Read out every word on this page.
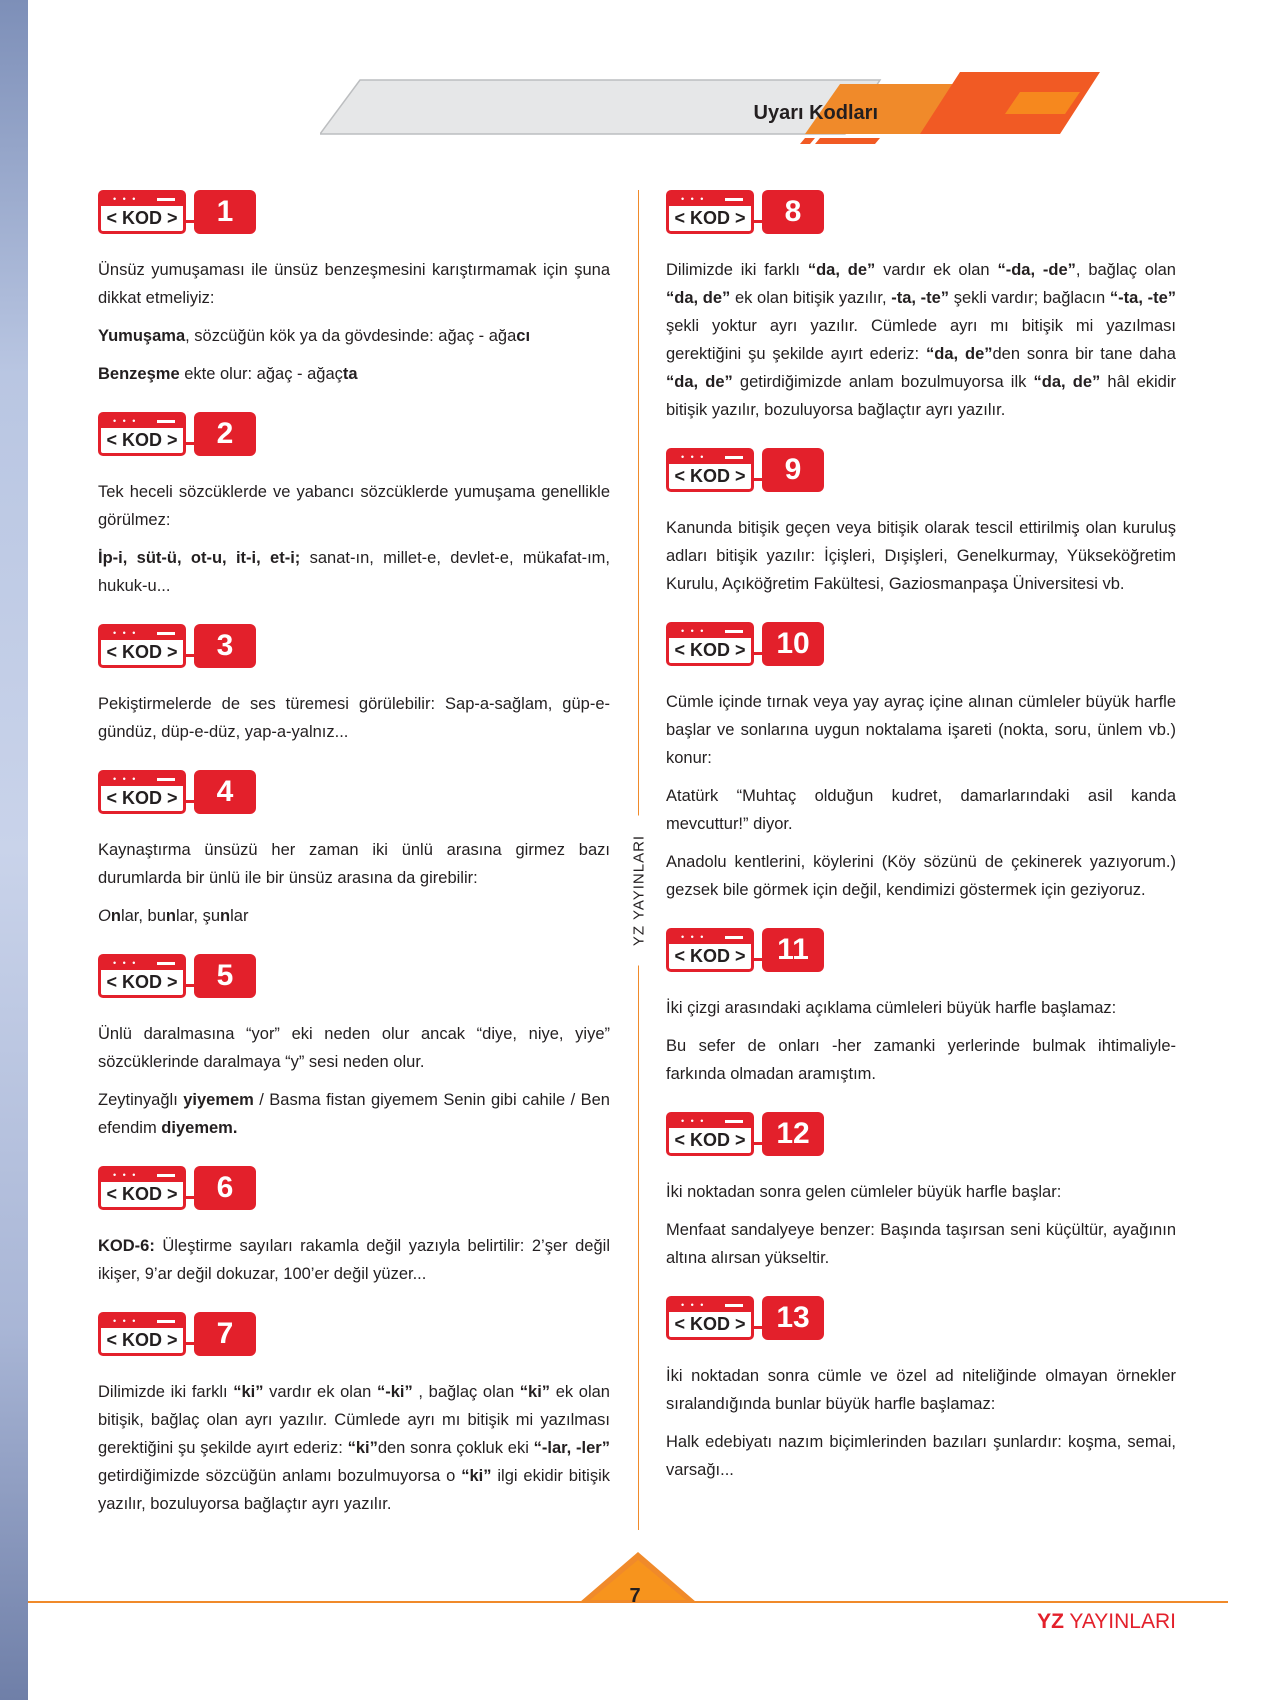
Uyarı Kodları
YZ YAYINLARI
• • •
< KOD >	1

Ünsüz yumuşaması ile ünsüz benzeşmesini karıştırmamak için şuna dikkat etmeliyiz:

Yumuşama, sözcüğün kök ya da gövdesinde: ağaç - ağacı

Benzeşme ekte olur: ağaç - ağaçta

• • •
< KOD >	2

Tek heceli sözcüklerde ve yabancı sözcüklerde yumuşama genellikle görülmez:

İp-i, süt-ü, ot-u, it-i, et-i; sanat-ın, millet-e, devlet-e, mükafat-ım, hukuk-u...

• • •
< KOD >	3

Pekiştirmelerde de ses türemesi görülebilir: Sap-a-sağlam, güp-e-gündüz, düp-e-düz, yap-a-yalnız...

• • •
< KOD >	4

Kaynaştırma ünsüzü her zaman iki ünlü arasına girmez bazı durumlarda bir ünlü ile bir ünsüz arasına da girebilir:

Onlar, bunlar, şunlar

• • •
< KOD >	5

Ünlü daralmasına “yor” eki neden olur ancak “diye, niye, yiye” sözcüklerinde daralmaya “y” sesi neden olur.

Zeytinyağlı yiyemem / Basma fistan giyemem Senin gibi cahile / Ben efendim diyemem.

• • •
< KOD >	6

KOD-6: Üleştirme sayıları rakamla değil yazıyla belirtilir: 2’şer değil ikişer, 9’ar değil dokuzar, 100’er değil yüzer...

• • •
< KOD >	7

Dilimizde iki farklı “ki” vardır ek olan “-ki” , bağlaç olan “ki” ek olan bitişik, bağlaç olan ayrı yazılır. Cümlede ayrı mı bitişik mi yazılması gerektiğini şu şekilde ayırt ederiz: “ki”den sonra çokluk eki “-lar, -ler” getirdiğimizde sözcüğün anlamı bozulmuyorsa o “ki” ilgi ekidir bitişik yazılır, bozuluyorsa bağlaçtır ayrı yazılır.

• • •
< KOD >	8

Dilimizde iki farklı “da, de” vardır ek olan “-da, -de”, bağlaç olan “da, de” ek olan bitişik yazılır, -ta, -te” şekli vardır; bağlacın “-ta, -te” şekli yoktur ayrı yazılır. Cümlede ayrı mı bitişik mi yazılması gerektiğini şu şekilde ayırt ederiz: “da, de”den sonra bir tane daha “da, de” getirdiğimizde anlam bozulmuyorsa ilk “da, de” hâl ekidir bitişik yazılır, bozuluyorsa bağlaçtır ayrı yazılır.

• • •
< KOD >	9

Kanunda bitişik geçen veya bitişik olarak tescil ettirilmiş olan kuruluş adları bitişik yazılır: İçişleri, Dışişleri, Genelkurmay, Yükseköğretim Kurulu, Açıköğretim Fakültesi, Gaziosmanpaşa Üniversitesi vb.

• • •
< KOD >	10

Cümle içinde tırnak veya yay ayraç içine alınan cümleler büyük harfle başlar ve sonlarına uygun noktalama işareti (nokta, soru, ünlem vb.) konur:

Atatürk “Muhtaç olduğun kudret, damarlarındaki asil kanda mevcuttur!” diyor.

Anadolu kentlerini, köylerini (Köy sözünü de çekinerek yazıyorum.) gezsek bile görmek için değil, kendimizi göstermek için geziyoruz.

• • •
< KOD >	11

İki çizgi arasındaki açıklama cümleleri büyük harfle başlamaz:

Bu sefer de onları -her zamanki yerlerinde bulmak ihtimaliyle- farkında olmadan aramıştım.

• • •
< KOD >	12

İki noktadan sonra gelen cümleler büyük harfle başlar:

Menfaat sandalyeye benzer: Başında taşırsan seni küçültür, ayağının altına alırsan yükseltir.

• • •
< KOD >	13

İki noktadan sonra cümle ve özel ad niteliğinde olmayan örnekler sıralandığında bunlar büyük harfle başlamaz:

Halk edebiyatı nazım biçimlerinden bazıları şunlardır: koşma, semai, varsağı...

7
YZ YAYINLARI
